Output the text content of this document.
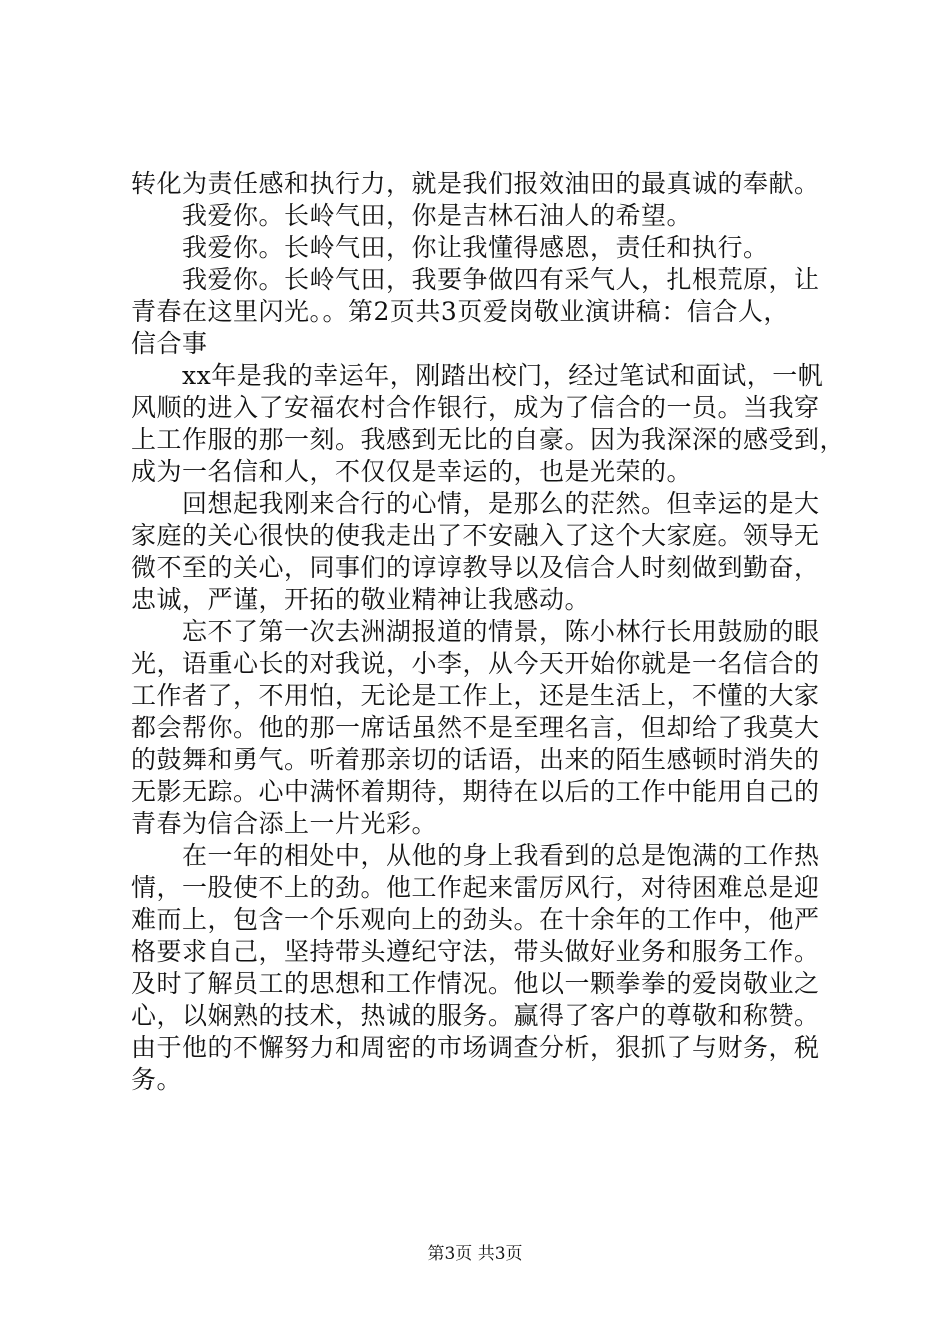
转化为责任感和执行力，就是我们报效油田的最真诚的奉献。
我爱你。长岭气田，你是吉林石油人的希望。
我爱你。长岭气田，你让我懂得感恩，责任和执行。
我爱你。长岭气田，我要争做四有采气人，扎根荒原，让
青春在这里闪光。。第2页共3页爱岗敬业演讲稿：信合人，
信合事
xx年是我的幸运年，刚踏出校门，经过笔试和面试，一帆
风顺的进入了安福农村合作银行，成为了信合的一员。当我穿
上工作服的那一刻。我感到无比的自豪。因为我深深的感受到，
成为一名信和人，不仅仅是幸运的，也是光荣的。
回想起我刚来合行的心情，是那么的茫然。但幸运的是大
家庭的关心很快的使我走出了不安融入了这个大家庭。领导无
微不至的关心，同事们的谆谆教导以及信合人时刻做到勤奋，
忠诚，严谨，开拓的敬业精神让我感动。
忘不了第一次去洲湖报道的情景，陈小林行长用鼓励的眼
光，语重心长的对我说，小李，从今天开始你就是一名信合的
工作者了，不用怕，无论是工作上，还是生活上，不懂的大家
都会帮你。他的那一席话虽然不是至理名言，但却给了我莫大
的鼓舞和勇气。听着那亲切的话语，出来的陌生感顿时消失的
无影无踪。心中满怀着期待，期待在以后的工作中能用自己的
青春为信合添上一片光彩。
在一年的相处中，从他的身上我看到的总是饱满的工作热
情，一股使不上的劲。他工作起来雷厉风行，对待困难总是迎
难而上，包含一个乐观向上的劲头。在十余年的工作中，他严
格要求自己，坚持带头遵纪守法，带头做好业务和服务工作。
及时了解员工的思想和工作情况。他以一颗拳拳的爱岗敬业之
心，以娴熟的技术，热诚的服务。赢得了客户的尊敬和称赞。
由于他的不懈努力和周密的市场调查分析，狠抓了与财务，税
务。
第3页 共3页
